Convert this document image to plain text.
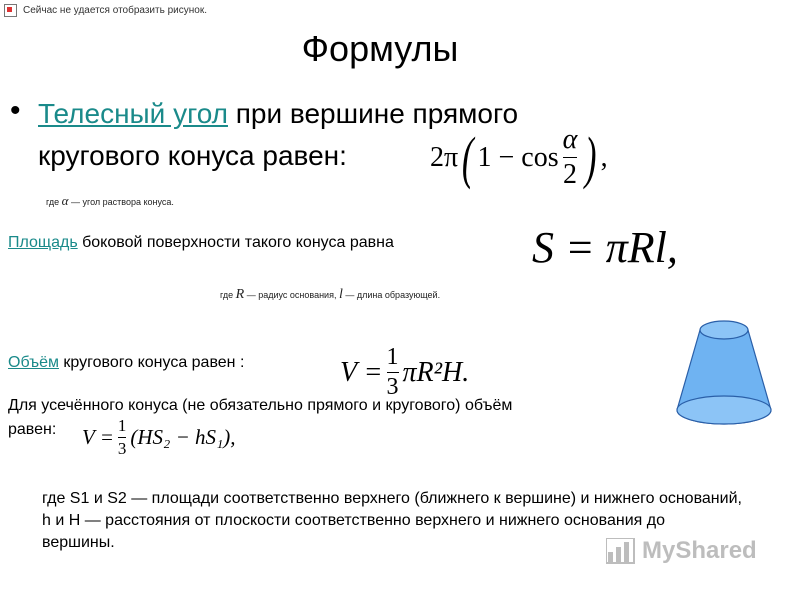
Сейчас не удается отобразить рисунок.
Формулы
• Телесный угол при вершине прямого
кругового конуса равен:	2π ( $1 - \cos \frac{\alpha}{2}$ ) ,
где α — угол раствора конуса.
Площадь боковой поверхности такого конуса равна	S = πRl,
где R — радиус основания, l — длина образующей.
Объём кругового конуса равен :	$V = \frac{1}{3} \pi R^2H$.
Для усечённого конуса (не обязательно прямого и кругового) объём
равен: $V = \frac{1}{3} (HS_2 - hS_1)$,
где S1 и S2 — площади соответственно верхнего (ближнего к вершине) и нижнего оснований, h и H — расстояния от плоскости соответственно верхнего и нижнего основания до вершины.	MyShared
